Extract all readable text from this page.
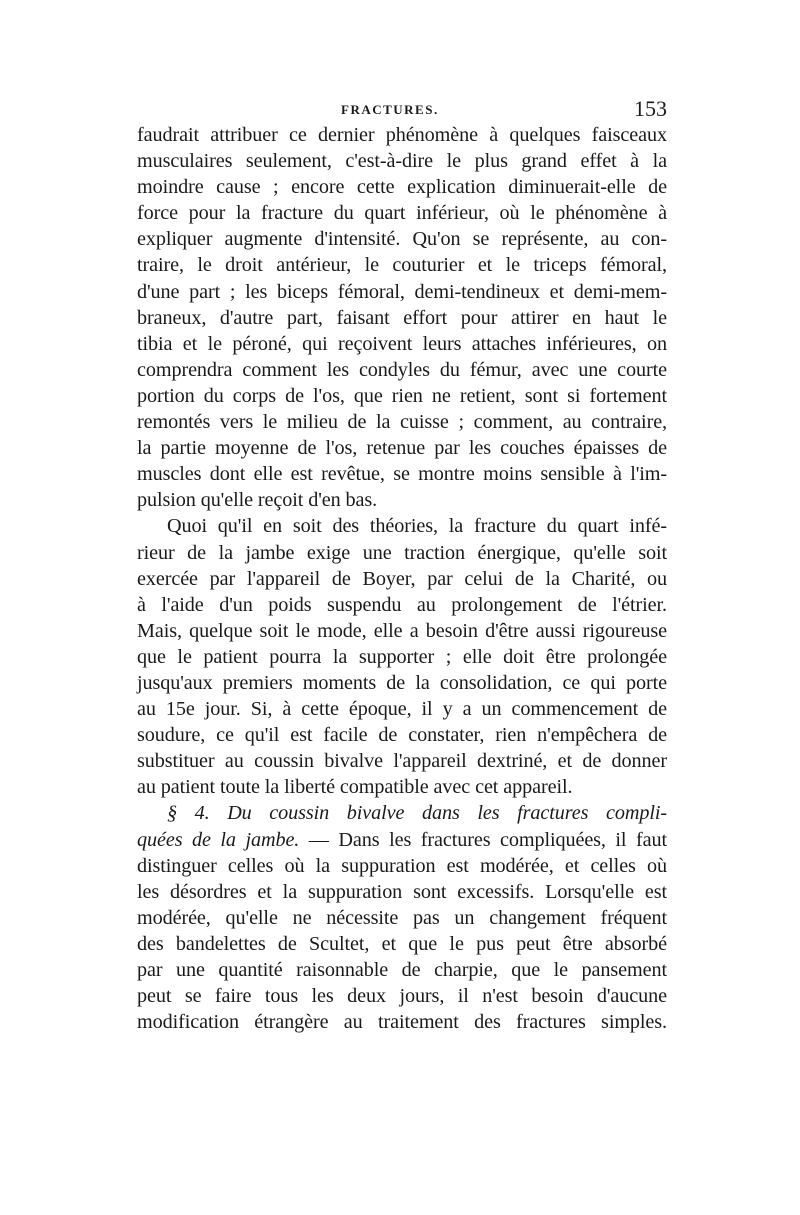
FRACTURES.	153
faudrait attribuer ce dernier phénomène à quelques faisceaux
musculaires seulement, c'est-à-dire le plus grand effet à la
moindre cause ; encore cette explication diminuerait-elle de
force pour la fracture du quart inférieur, où le phénomène à
expliquer augmente d'intensité. Qu'on se représente, au con-
traire, le droit antérieur, le couturier et le triceps fémoral,
d'une part ; les biceps fémoral, demi-tendineux et demi-mem-
braneux, d'autre part, faisant effort pour attirer en haut le
tibia et le péroné, qui reçoivent leurs attaches inférieures, on
comprendra comment les condyles du fémur, avec une courte
portion du corps de l'os, que rien ne retient, sont si fortement
remontés vers le milieu de la cuisse ; comment, au contraire,
la partie moyenne de l'os, retenue par les couches épaisses de
muscles dont elle est revêtue, se montre moins sensible à l'im-
pulsion qu'elle reçoit d'en bas.
Quoi qu'il en soit des théories, la fracture du quart infé-
rieur de la jambe exige une traction énergique, qu'elle soit
exercée par l'appareil de Boyer, par celui de la Charité, ou
à l'aide d'un poids suspendu au prolongement de l'étrier.
Mais, quelque soit le mode, elle a besoin d'être aussi rigoureuse
que le patient pourra la supporter ; elle doit être prolongée
jusqu'aux premiers moments de la consolidation, ce qui porte
au 15e jour. Si, à cette époque, il y a un commencement de
soudure, ce qu'il est facile de constater, rien n'empêchera de
substituer au coussin bivalve l'appareil dextriné, et de donner
au patient toute la liberté compatible avec cet appareil.
§ 4. Du coussin bivalve dans les fractures compli-
quées de la jambe. — Dans les fractures compliquées, il faut
distinguer celles où la suppuration est modérée, et celles où
les désordres et la suppuration sont excessifs. Lorsqu'elle est
modérée, qu'elle ne nécessite pas un changement fréquent
des bandelettes de Scultet, et que le pus peut être absorbé
par une quantité raisonnable de charpie, que le pansement
peut se faire tous les deux jours, il n'est besoin d'aucune
modification étrangère au traitement des fractures simples.
